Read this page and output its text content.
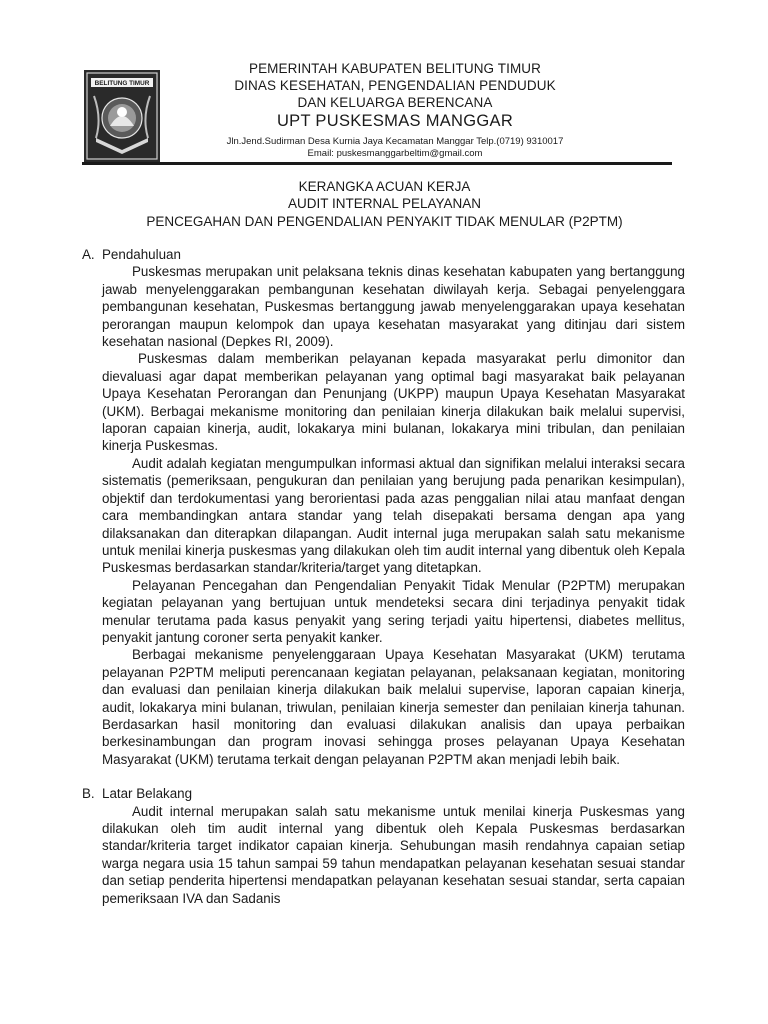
BELITUNG TIMUR
PEMERINTAH KABUPATEN BELITUNG TIMUR
DINAS KESEHATAN, PENGENDALIAN PENDUDUK
DAN KELUARGA BERENCANA
UPT PUSKESMAS MANGGAR
Jln.Jend.Sudirman Desa Kurnia Jaya Kecamatan Manggar Telp.(0719) 9310017
Email: puskesmanggarbeltim@gmail.com
KERANGKA ACUAN KERJA
AUDIT INTERNAL PELAYANAN
PENCEGAHAN DAN PENGENDALIAN PENYAKIT TIDAK MENULAR (P2PTM)
A. Pendahuluan

Puskesmas merupakan unit pelaksana teknis dinas kesehatan kabupaten yang bertanggung jawab menyelenggarakan pembangunan kesehatan diwilayah kerja. Sebagai penyelenggara pembangunan kesehatan, Puskesmas bertanggung jawab menyelenggarakan upaya kesehatan perorangan maupun kelompok dan upaya kesehatan masyarakat yang ditinjau dari sistem kesehatan nasional (Depkes RI, 2009).

Puskesmas dalam memberikan pelayanan kepada masyarakat perlu dimonitor dan dievaluasi agar dapat memberikan pelayanan yang optimal bagi masyarakat baik pelayanan Upaya Kesehatan Perorangan dan Penunjang (UKPP) maupun Upaya Kesehatan Masyarakat (UKM). Berbagai mekanisme monitoring dan penilaian kinerja dilakukan baik melalui supervisi, laporan capaian kinerja, audit, lokakarya mini bulanan, lokakarya mini tribulan, dan penilaian kinerja Puskesmas.

Audit adalah kegiatan mengumpulkan informasi aktual dan signifikan melalui interaksi secara sistematis (pemeriksaan, pengukuran dan penilaian yang berujung pada penarikan kesimpulan), objektif dan terdokumentasi yang berorientasi pada azas penggalian nilai atau manfaat dengan cara membandingkan antara standar yang telah disepakati bersama dengan apa yang dilaksanakan dan diterapkan dilapangan. Audit internal juga merupakan salah satu mekanisme untuk menilai kinerja puskesmas yang dilakukan oleh tim audit internal yang dibentuk oleh Kepala Puskesmas berdasarkan standar/kriteria/target yang ditetapkan.

Pelayanan Pencegahan dan Pengendalian Penyakit Tidak Menular (P2PTM) merupakan kegiatan pelayanan yang bertujuan untuk mendeteksi secara dini terjadinya penyakit tidak menular terutama pada kasus penyakit yang sering terjadi yaitu hipertensi, diabetes mellitus, penyakit jantung coroner serta penyakit kanker.

Berbagai mekanisme penyelenggaraan Upaya Kesehatan Masyarakat (UKM) terutama pelayanan P2PTM meliputi perencanaan kegiatan pelayanan, pelaksanaan kegiatan, monitoring dan evaluasi dan penilaian kinerja dilakukan baik melalui supervise, laporan capaian kinerja, audit, lokakarya mini bulanan, triwulan, penilaian kinerja semester dan penilaian kinerja tahunan. Berdasarkan hasil monitoring dan evaluasi dilakukan analisis dan upaya perbaikan berkesinambungan dan program inovasi sehingga proses pelayanan Upaya Kesehatan Masyarakat (UKM) terutama terkait dengan pelayanan P2PTM akan menjadi lebih baik.

B. Latar Belakang

Audit internal merupakan salah satu mekanisme untuk menilai kinerja Puskesmas yang dilakukan oleh tim audit internal yang dibentuk oleh Kepala Puskesmas berdasarkan standar/kriteria target indikator capaian kinerja. Sehubungan masih rendahnya capaian setiap warga negara usia 15 tahun sampai 59 tahun mendapatkan pelayanan kesehatan sesuai standar dan setiap penderita hipertensi mendapatkan pelayanan kesehatan sesuai standar, serta capaian pemeriksaan IVA dan Sadanis
